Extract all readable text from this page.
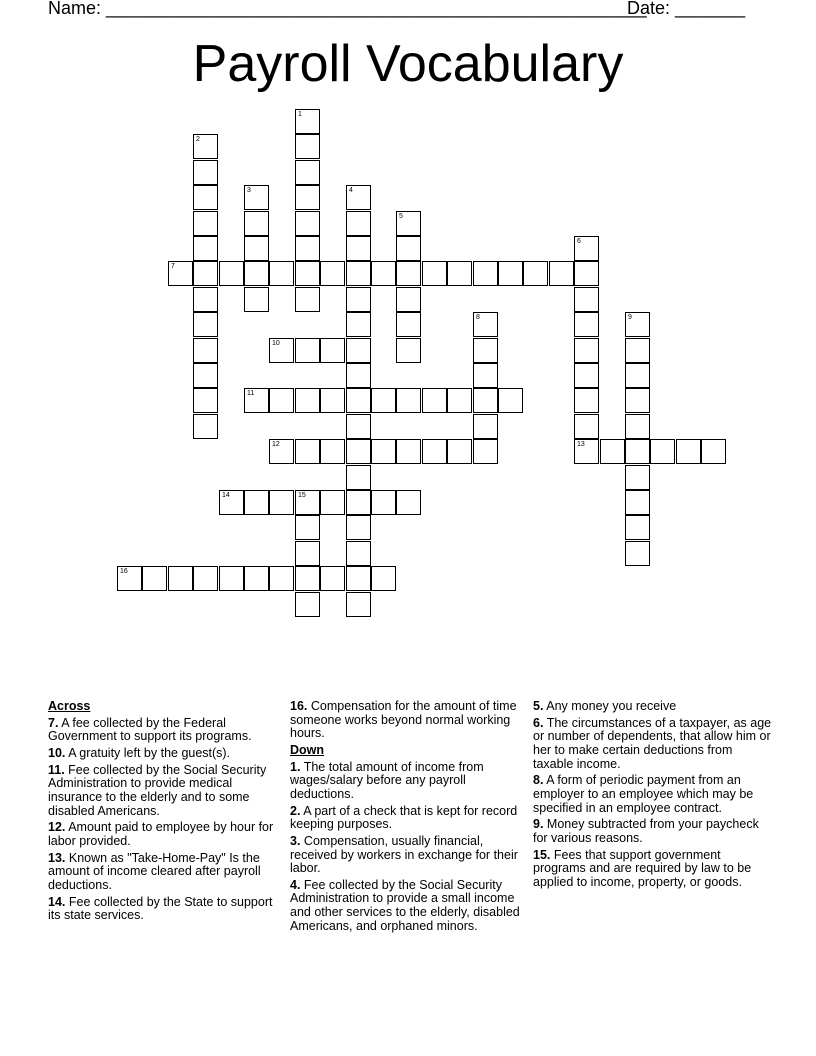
Name: ______________________________________________________
Date: _______
Payroll Vocabulary
1
2
3	4
5
6
13
7
8	9
10
11
12
14	15
16
Across
7. A fee collected by the Federal Government to support its programs.
10. A gratuity left by the guest(s).
11. Fee collected by the Social Security Administration to provide medical insurance to the elderly and to some disabled Americans.
12. Amount paid to employee by hour for labor provided.
13. Known as "Take-Home-Pay" Is the amount of income cleared after payroll deductions.
14. Fee collected by the State to support its state services.
16. Compensation for the amount of time someone works beyond normal working hours.
Down
1. The total amount of income from wages/salary before any payroll deductions.
2. A part of a check that is kept for record keeping purposes.
3. Compensation, usually financial, received by workers in exchange for their labor.
4. Fee collected by the Social Security Administration to provide a small income and other services to the elderly, disabled Americans, and orphaned minors.
5. Any money you receive
6. The circumstances of a taxpayer, as age or number of dependents, that allow him or her to make certain deductions from taxable income.
8. A form of periodic payment from an employer to an employee which may be specified in an employee contract.
9. Money subtracted from your paycheck for various reasons.
15. Fees that support government programs and are required by law to be applied to income, property, or goods.
